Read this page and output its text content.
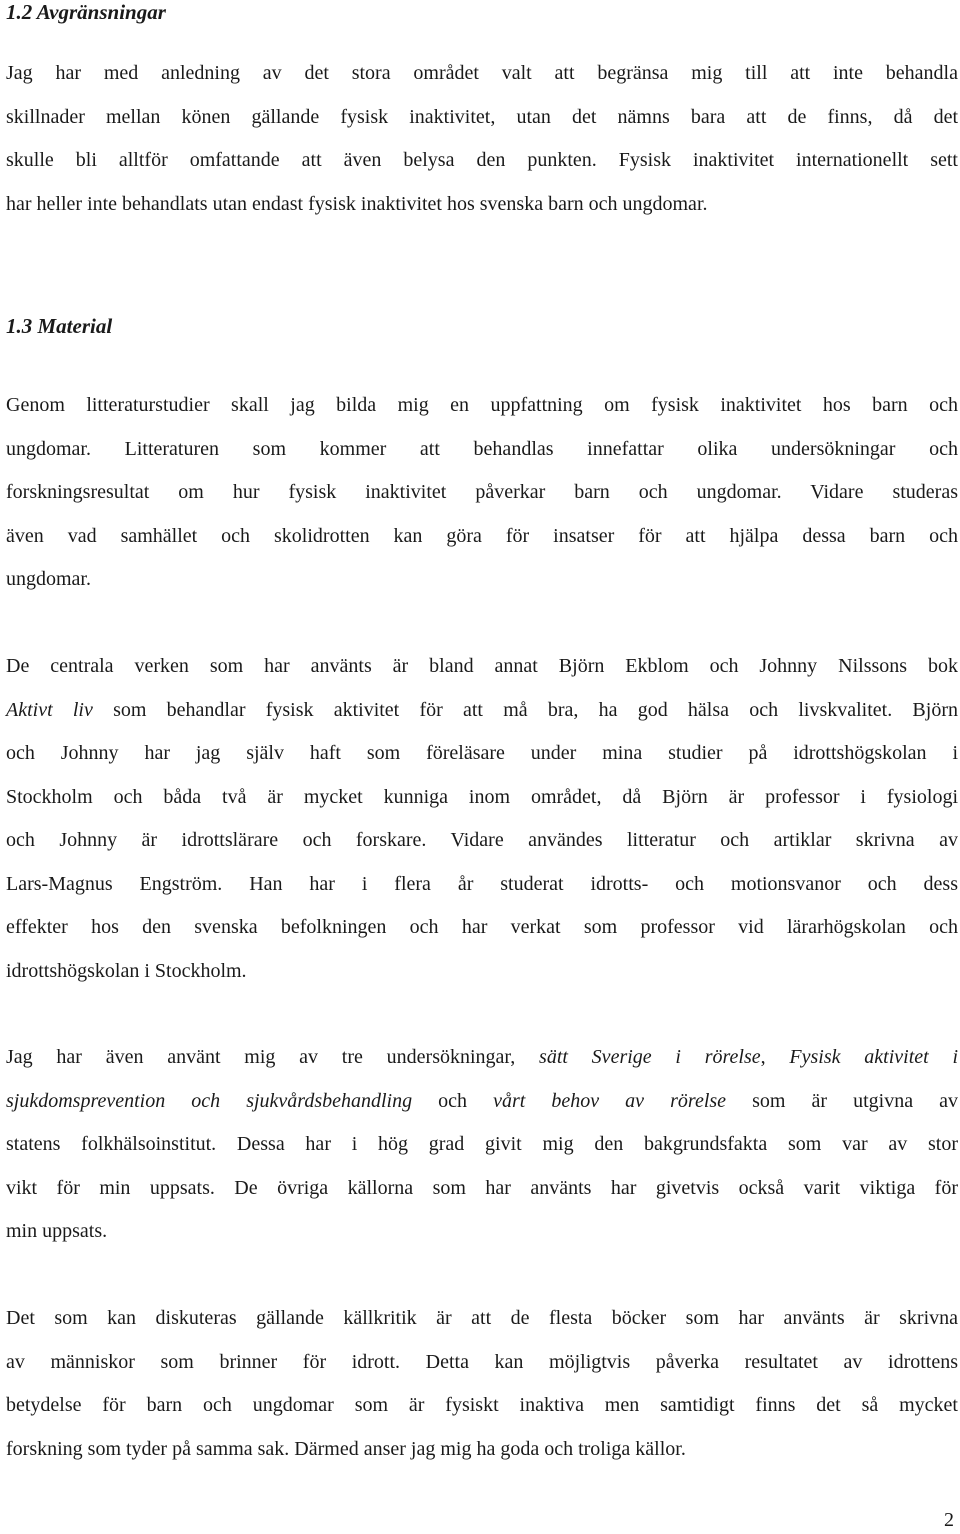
1.2 Avgränsningar
Jag har med anledning av det stora området valt att begränsa mig till att inte behandla
skillnader mellan könen gällande fysisk inaktivitet, utan det nämns bara att de finns, då det
skulle bli alltför omfattande att även belysa den punkten. Fysisk inaktivitet internationellt sett
har heller inte behandlats utan endast fysisk inaktivitet hos svenska barn och ungdomar.
1.3 Material
Genom litteraturstudier skall jag bilda mig en uppfattning om fysisk inaktivitet hos barn och
ungdomar. Litteraturen som kommer att behandlas innefattar olika undersökningar och
forskningsresultat om hur fysisk inaktivitet påverkar barn och ungdomar. Vidare studeras
även vad samhället och skolidrotten kan göra för insatser för att hjälpa dessa barn och
ungdomar.
De centrala verken som har använts är bland annat Björn Ekblom och Johnny Nilssons bok
Aktivt liv som behandlar fysisk aktivitet för att må bra, ha god hälsa och livskvalitet. Björn
och Johnny har jag själv haft som föreläsare under mina studier på idrottshögskolan i
Stockholm och båda två är mycket kunniga inom området, då Björn är professor i fysiologi
och Johnny är idrottslärare och forskare. Vidare användes litteratur och artiklar skrivna av
Lars-Magnus Engström. Han har i flera år studerat idrotts- och motionsvanor och dess
effekter hos den svenska befolkningen och har verkat som professor vid lärarhögskolan och
idrottshögskolan i Stockholm.
Jag har även använt mig av tre undersökningar, sätt Sverige i rörelse, Fysisk aktivitet i
sjukdomsprevention och sjukvårdsbehandling och vårt behov av rörelse som är utgivna av
statens folkhälsoinstitut. Dessa har i hög grad givit mig den bakgrundsfakta som var av stor
vikt för min uppsats. De övriga källorna som har använts har givetvis också varit viktiga för
min uppsats.
Det som kan diskuteras gällande källkritik är att de flesta böcker som har använts är skrivna
av människor som brinner för idrott. Detta kan möjligtvis påverka resultatet av idrottens
betydelse för barn och ungdomar som är fysiskt inaktiva men samtidigt finns det så mycket
forskning som tyder på samma sak. Därmed anser jag mig ha goda och troliga källor.

2
